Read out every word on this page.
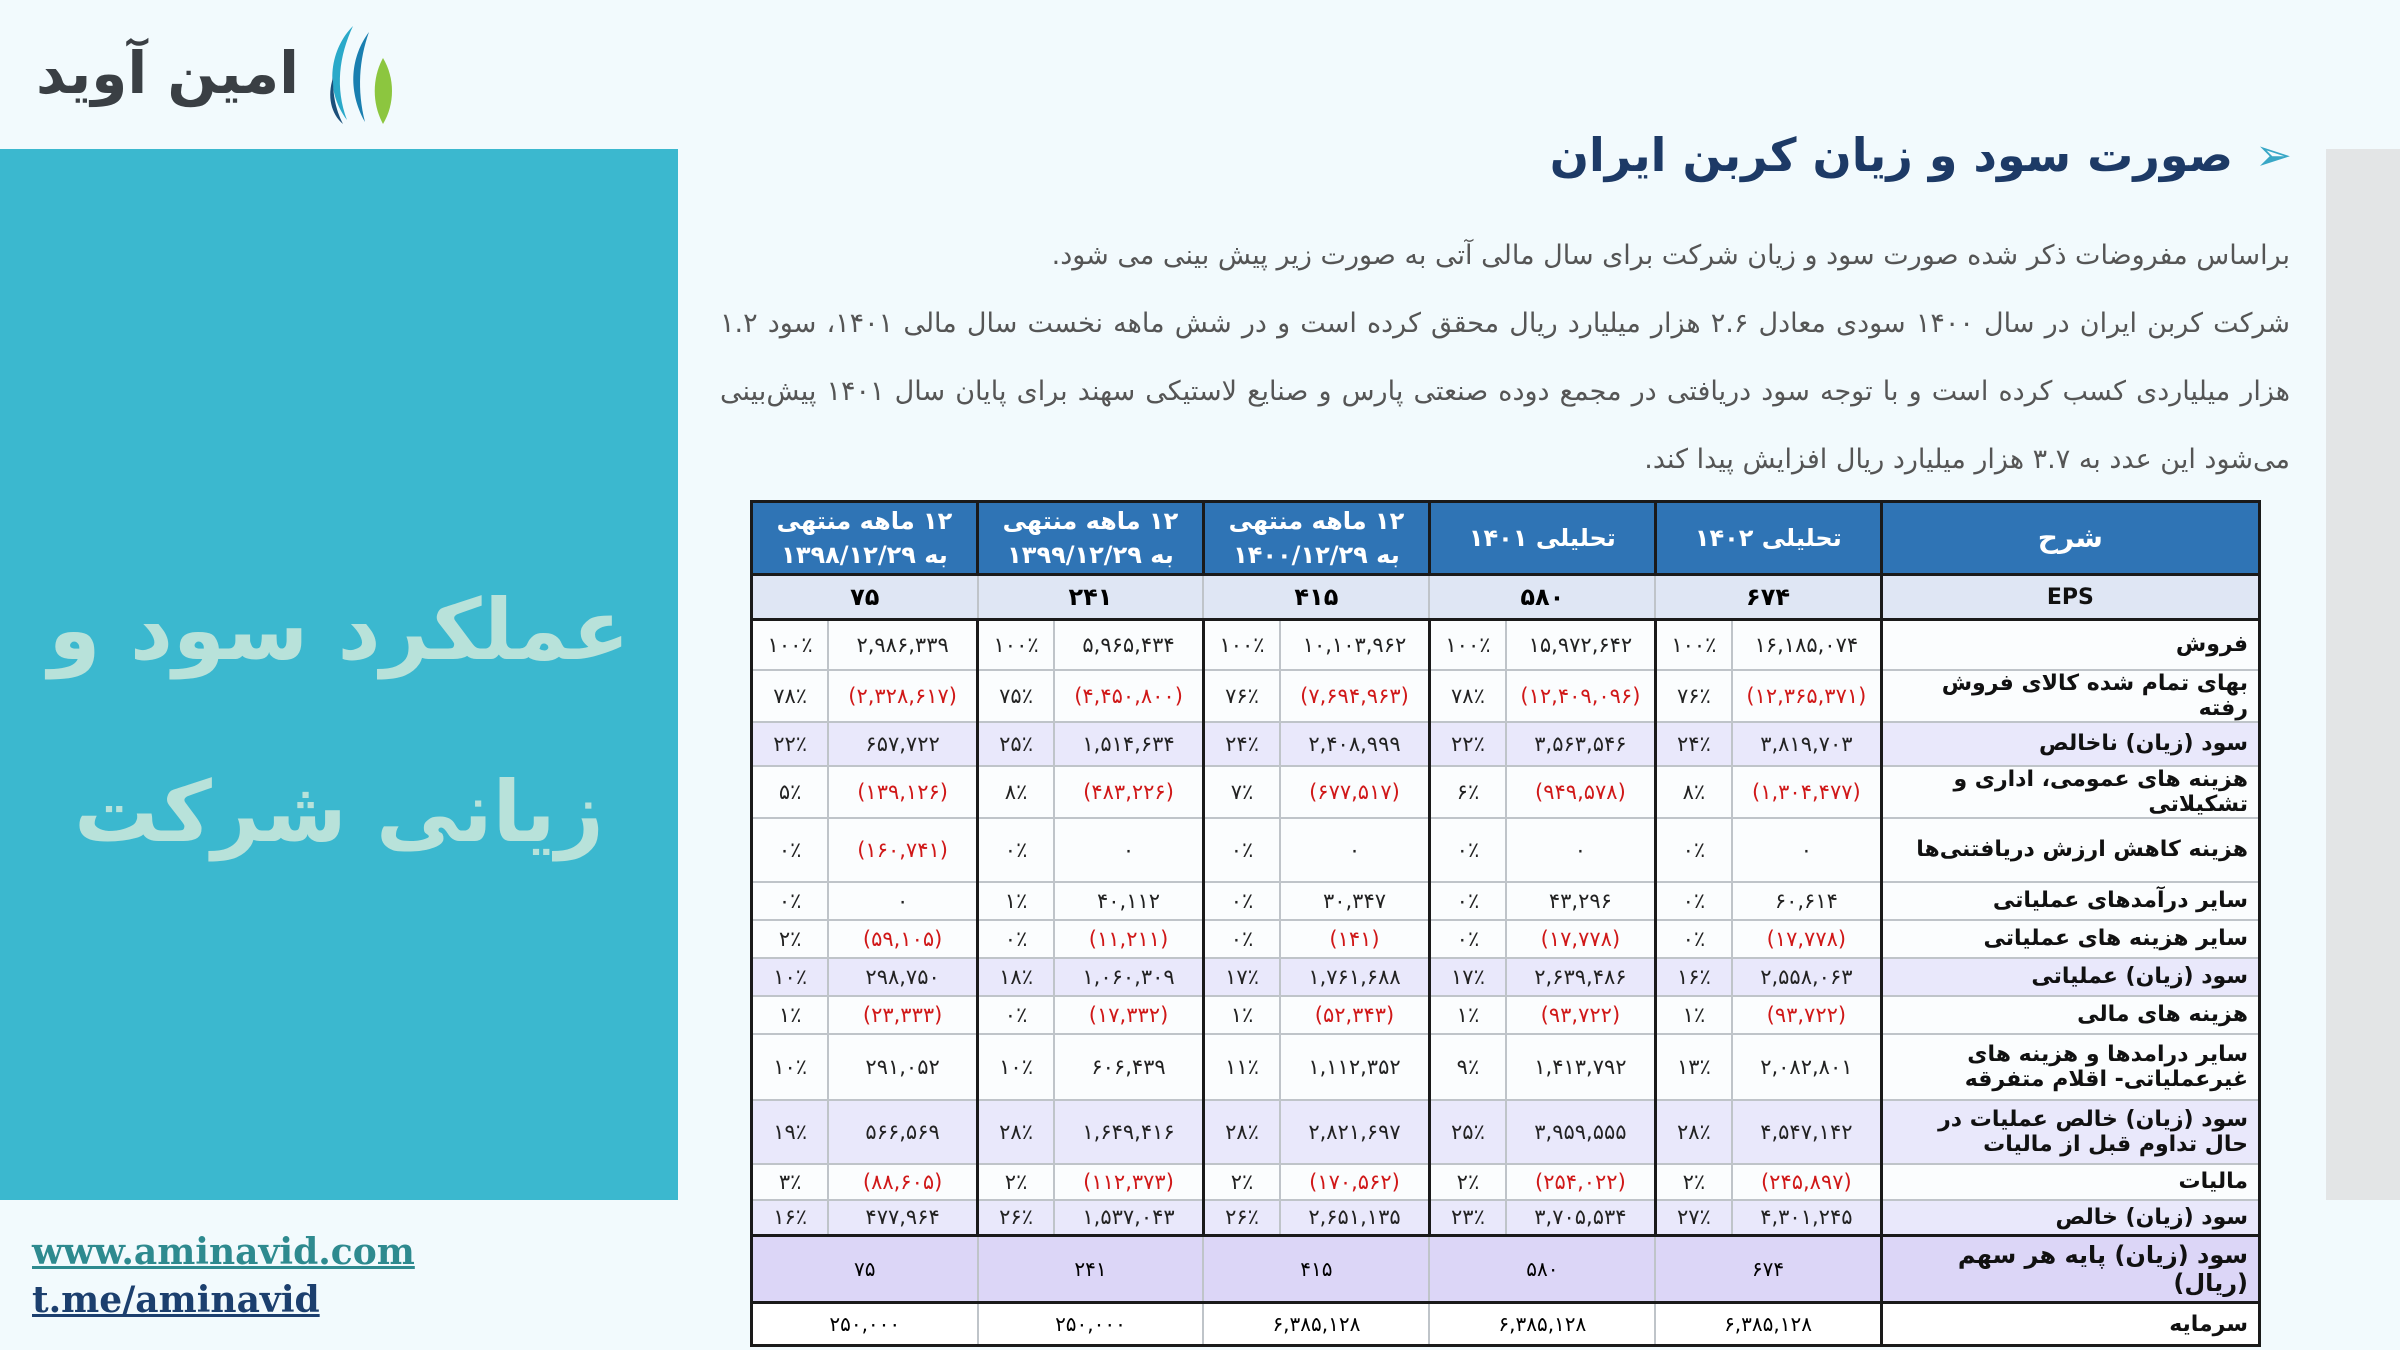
امین آوید
عملکرد سود و
زیانی شرکت
www.aminavid.com
t.me/aminavid
➢
صورت سود و زیان کربن ایران

براساس مفروضات ذکر شده صورت سود و زیان شرکت برای سال مالی آتی به صورت زیر پیش بینی می شود.

شرکت کربن ایران در سال ۱۴۰۰ سودی معادل ۲.۶ هزار میلیارد ریال محقق کرده است و در شش ماهه نخست سال مالی ۱۴۰۱، سود ۱.۲ هزار میلیاردی کسب کرده است و با توجه سود دریافتی در مجمع دوده صنعتی پارس و صنایع لاستیکی سهند برای پایان سال ۱۴۰۱ پیش‌بینی می‌شود این عدد به ۳.۷ هزار میلیارد ریال افزایش پیدا کند.

شرح	تحلیلی ۱۴۰۲		تحلیلی ۱۴۰۱		۱۲ ماهه منتهی به ۱۴۰۰/۱۲/۲۹		۱۲ ماهه منتهی به ۱۳۹۹/۱۲/۲۹		۱۲ ماهه منتهی به ۱۳۹۸/۱۲/۲۹	
EPS	۶۷۴		۵۸۰		۴۱۵		۲۴۱		۷۵	
فروش	۱۶,۱۸۵,۰۷۴	۱۰۰٪	۱۵,۹۷۲,۶۴۲	۱۰۰٪	۱۰,۱۰۳,۹۶۲	۱۰۰٪	۵,۹۶۵,۴۳۴	۱۰۰٪	۲,۹۸۶,۳۳۹	۱۰۰٪
بهای تمام شده کالای فروش رفته	(۱۲,۳۶۵,۳۷۱)	۷۶٪	(۱۲,۴۰۹,۰۹۶)	۷۸٪	(۷,۶۹۴,۹۶۳)	۷۶٪	(۴,۴۵۰,۸۰۰)	۷۵٪	(۲,۳۲۸,۶۱۷)	۷۸٪
سود (زیان) ناخالص	۳,۸۱۹,۷۰۳	۲۴٪	۳,۵۶۳,۵۴۶	۲۲٪	۲,۴۰۸,۹۹۹	۲۴٪	۱,۵۱۴,۶۳۴	۲۵٪	۶۵۷,۷۲۲	۲۲٪
هزینه های عمومی، اداری و تشکیلاتی	(۱,۳۰۴,۴۷۷)	۸٪	(۹۴۹,۵۷۸)	۶٪	(۶۷۷,۵۱۷)	۷٪	(۴۸۳,۲۲۶)	۸٪	(۱۳۹,۱۲۶)	۵٪
هزینه کاهش ارزش دریافتنی‌ها	۰	۰٪	۰	۰٪	۰	۰٪	۰	۰٪	(۱۶۰,۷۴۱)	۰٪
سایر درآمدهای عملیاتی	۶۰,۶۱۴	۰٪	۴۳,۲۹۶	۰٪	۳۰,۳۴۷	۰٪	۴۰,۱۱۲	۱٪	۰	۰٪
سایر هزینه های عملیاتی	(۱۷,۷۷۸)	۰٪	(۱۷,۷۷۸)	۰٪	(۱۴۱)	۰٪	(۱۱,۲۱۱)	۰٪	(۵۹,۱۰۵)	۲٪
سود (زیان) عملیاتی	۲,۵۵۸,۰۶۳	۱۶٪	۲,۶۳۹,۴۸۶	۱۷٪	۱,۷۶۱,۶۸۸	۱۷٪	۱,۰۶۰,۳۰۹	۱۸٪	۲۹۸,۷۵۰	۱۰٪
هزینه های مالی	(۹۳,۷۲۲)	۱٪	(۹۳,۷۲۲)	۱٪	(۵۲,۳۴۳)	۱٪	(۱۷,۳۳۲)	۰٪	(۲۳,۳۳۳)	۱٪
سایر درامدها و هزینه های غیرعملیاتی- اقلام متفرقه	۲,۰۸۲,۸۰۱	۱۳٪	۱,۴۱۳,۷۹۲	۹٪	۱,۱۱۲,۳۵۲	۱۱٪	۶۰۶,۴۳۹	۱۰٪	۲۹۱,۰۵۲	۱۰٪
سود (زیان) خالص عملیات در حال تداوم قبل از مالیات	۴,۵۴۷,۱۴۲	۲۸٪	۳,۹۵۹,۵۵۵	۲۵٪	۲,۸۲۱,۶۹۷	۲۸٪	۱,۶۴۹,۴۱۶	۲۸٪	۵۶۶,۵۶۹	۱۹٪
مالیات	(۲۴۵,۸۹۷)	۲٪	(۲۵۴,۰۲۲)	۲٪	(۱۷۰,۵۶۲)	۲٪	(۱۱۲,۳۷۳)	۲٪	(۸۸,۶۰۵)	۳٪
سود (زیان) خالص	۴,۳۰۱,۲۴۵	۲۷٪	۳,۷۰۵,۵۳۴	۲۳٪	۲,۶۵۱,۱۳۵	۲۶٪	۱,۵۳۷,۰۴۳	۲۶٪	۴۷۷,۹۶۴	۱۶٪
سود (زیان) پایه هر سهم (ریال)	۶۷۴		۵۸۰		۴۱۵		۲۴۱		۷۵	
سرمایه	۶,۳۸۵,۱۲۸		۶,۳۸۵,۱۲۸		۶,۳۸۵,۱۲۸		۲۵۰,۰۰۰		۲۵۰,۰۰۰	
